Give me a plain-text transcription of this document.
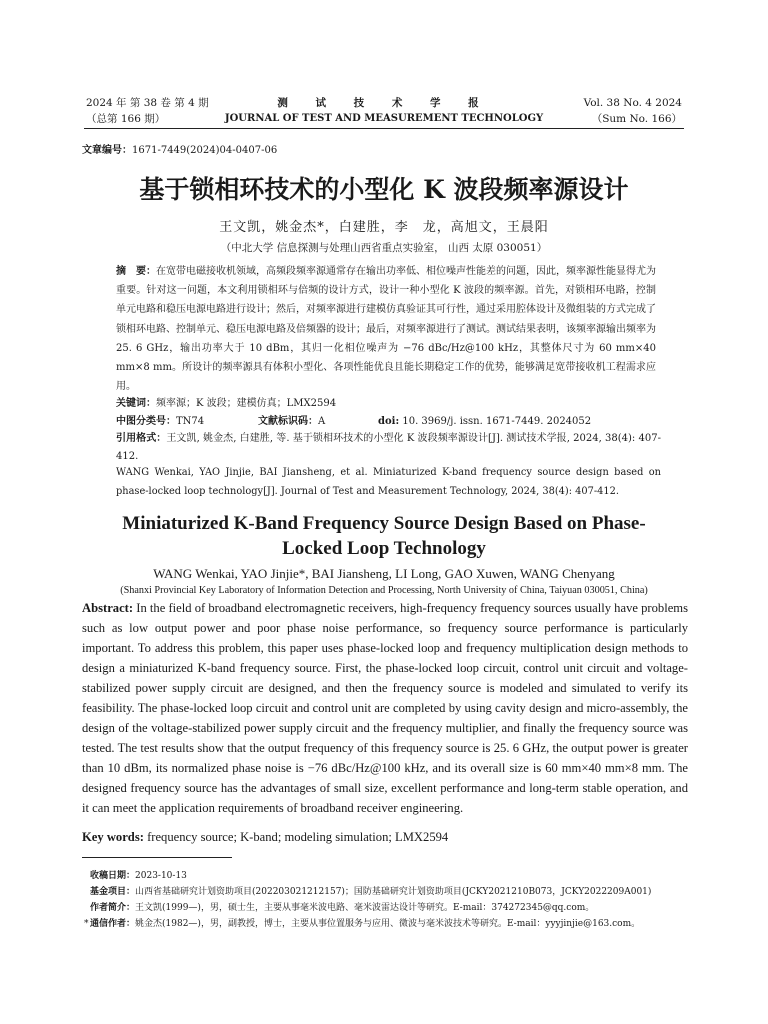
2024 年 第 38 卷 第 4 期
（总第 166 期）
测 试 技 术 学 报
JOURNAL OF TEST AND MEASUREMENT TECHNOLOGY
Vol. 38 No. 4 2024
（Sum No. 166）
文章编号：1671-7449(2024)04-0407-06
基于锁相环技术的小型化 K 波段频率源设计
王文凯，姚金杰*，白建胜，李　龙，高旭文，王晨阳
（中北大学 信息探测与处理山西省重点实验室， 山西 太原 030051）
摘　要：在宽带电磁接收机领域，高频段频率源通常存在输出功率低、相位噪声性能差的问题，因此，频率源性能显得尤为重要。针对这一问题，本文利用锁相环与倍频的设计方式，设计一种小型化 K 波段的频率源。首先，对锁相环电路，控制单元电路和稳压电源电路进行设计；然后，对频率源进行建模仿真验证其可行性，通过采用腔体设计及微组装的方式完成了锁相环电路、控制单元、稳压电源电路及倍频器的设计；最后，对频率源进行了测试。测试结果表明，该频率源输出频率为 25. 6 GHz，输出功率大于 10 dBm，其归一化相位噪声为 −76 dBc/Hz@100 kHz，其整体尺寸为 60 mm×40 mm×8 mm。所设计的频率源具有体积小型化、各项性能优良且能长期稳定工作的优势，能够满足宽带接收机工程需求应用。
关键词：频率源；K 波段；建模仿真；LMX2594
中图分类号：TN74	文献标识码：A	doi: 10. 3969/j. issn. 1671-7449. 2024052
引用格式：王文凯, 姚金杰, 白建胜, 等. 基于锁相环技术的小型化 K 波段频率源设计[J]. 测试技术学报, 2024, 38(4): 407-412.
WANG Wenkai, YAO Jinjie, BAI Jiansheng, et al. Miniaturized K-band frequency source design based on phase-locked loop technology[J]. Journal of Test and Measurement Technology, 2024, 38(4): 407-412.
Miniaturized K-Band Frequency Source Design Based on Phase-
Locked Loop Technology
WANG Wenkai, YAO Jinjie*, BAI Jiansheng, LI Long, GAO Xuwen, WANG Chenyang
(Shanxi Provincial Key Laboratory of Information Detection and Processing, North University of China, Taiyuan 030051, China)
Abstract: In the field of broadband electromagnetic receivers, high-frequency frequency sources usually have problems such as low output power and poor phase noise performance, so frequency source performance is particularly important. To address this problem, this paper uses phase-locked loop and frequency multiplication design methods to design a miniaturized K-band frequency source. First, the phase-locked loop circuit, control unit circuit and voltage-stabilized power supply circuit are designed, and then the frequency source is modeled and simulated to verify its feasibility. The phase-locked loop circuit and control unit are completed by using cavity design and micro-assembly, the design of the voltage-stabilized power supply circuit and the frequency multiplier, and finally the frequency source was tested. The test results show that the output frequency of this frequency source is 25. 6 GHz, the output power is greater than 10 dBm, its normalized phase noise is −76 dBc/Hz@100 kHz, and its overall size is 60 mm×40 mm×8 mm. The designed frequency source has the advantages of small size, excellent performance and long-term stable operation, and it can meet the application requirements of broadband receiver engineering.
Key words: frequency source; K-band; modeling simulation; LMX2594
收稿日期：2023-10-13
基金项目：山西省基础研究计划资助项目(202203021212157)；国防基础研究计划资助项目(JCKY2021210B073，JCKY2022209A001)
作者简介：王文凯(1999—)，男，硕士生，主要从事毫米波电路、毫米波雷达设计等研究。E-mail：374272345@qq.com。
* 通信作者：姚金杰(1982—)，男，副教授，博士，主要从事位置服务与应用、微波与毫米波技术等研究。E-mail：yyyjinjie@163.com。
